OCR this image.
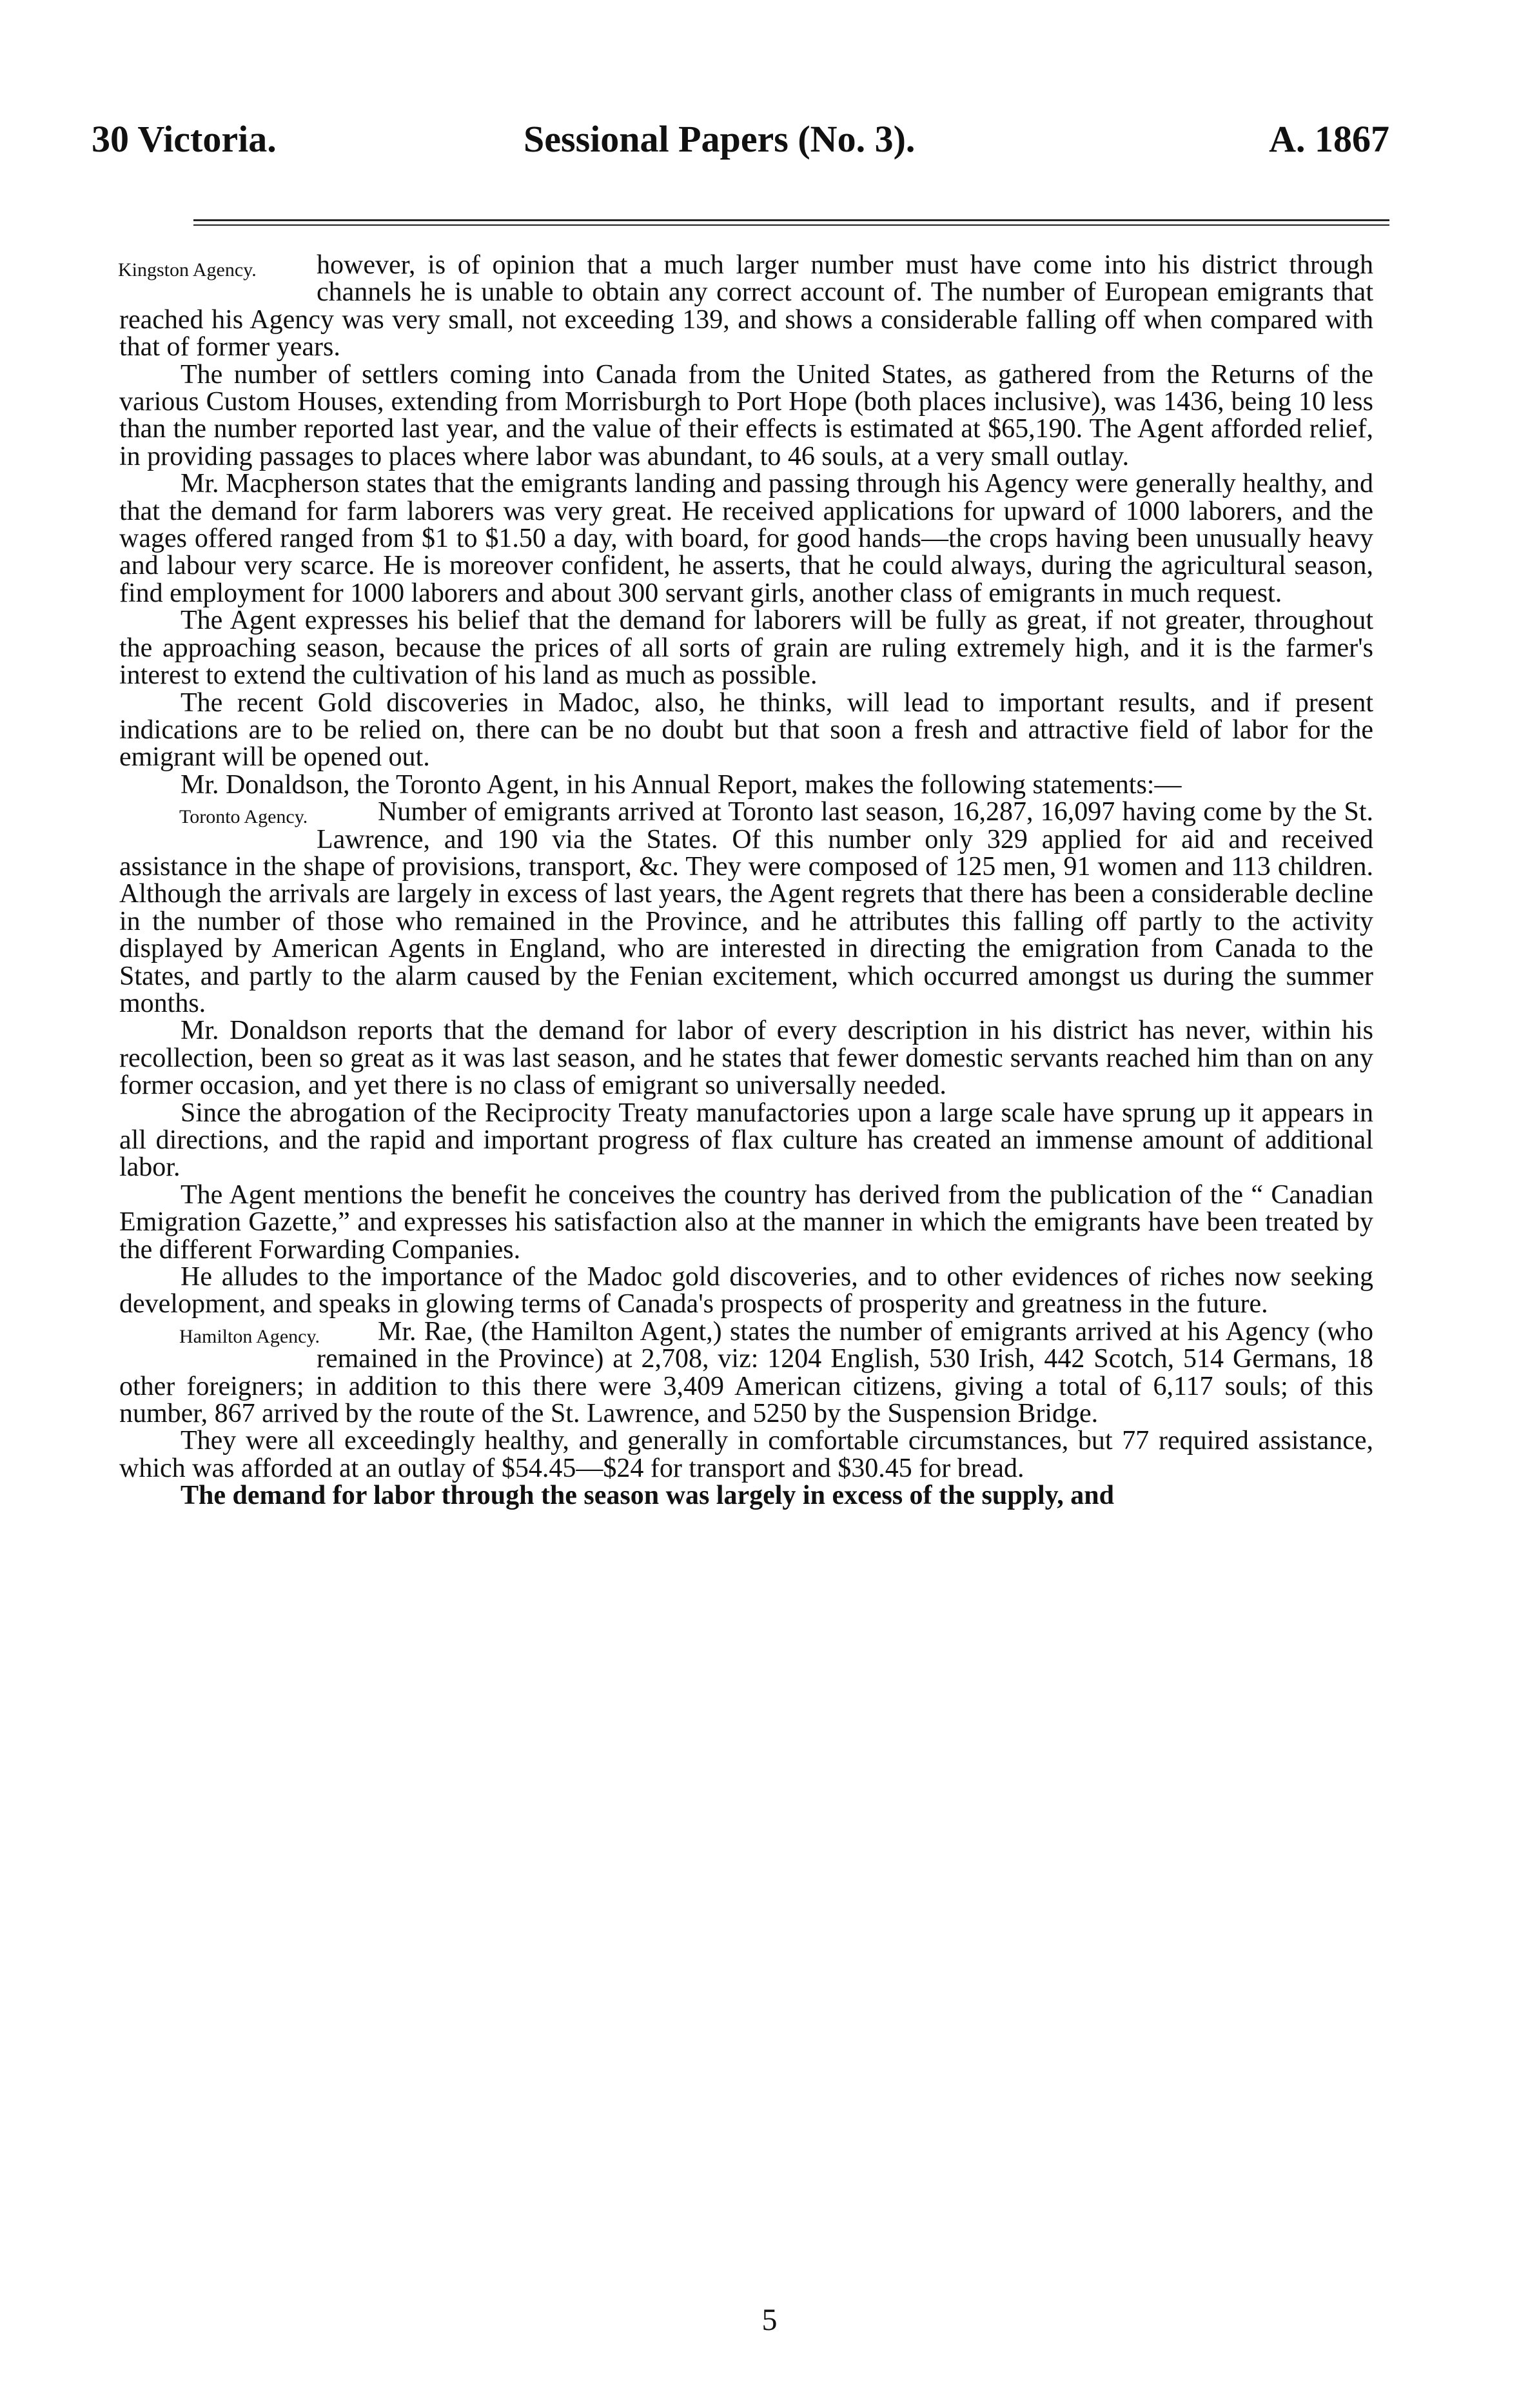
30 Victoria.	Sessional Papers (No. 3).	A. 1867

Kingston Agency.	however, is of opinion that a much larger number must have come into his district through channels he is unable to obtain any correct account of. The number of European emigrants that reached his Agency was very small, not exceeding 139, and shows a considerable falling off when compared with that of former years.

The number of settlers coming into Canada from the United States, as gathered from the Returns of the various Custom Houses, extending from Morrisburgh to Port Hope (both places inclusive), was 1436, being 10 less than the number reported last year, and the value of their effects is estimated at $65,190. The Agent afforded relief, in providing passages to places where labor was abundant, to 46 souls, at a very small outlay.

Mr. Macpherson states that the emigrants landing and passing through his Agency were generally healthy, and that the demand for farm laborers was very great. He received applications for upward of 1000 laborers, and the wages offered ranged from $1 to $1.50 a day, with board, for good hands—the crops having been unusually heavy and labour very scarce. He is moreover confident, he asserts, that he could always, during the agricultural season, find employment for 1000 laborers and about 300 servant girls, another class of emigrants in much request.

The Agent expresses his belief that the demand for laborers will be fully as great, if not greater, throughout the approaching season, because the prices of all sorts of grain are ruling extremely high, and it is the farmer's interest to extend the cultivation of his land as much as possible.

The recent Gold discoveries in Madoc, also, he thinks, will lead to important results, and if present indications are to be relied on, there can be no doubt but that soon a fresh and attractive field of labor for the emigrant will be opened out.

Mr. Donaldson, the Toronto Agent, in his Annual Report, makes the following statements:—

Toronto Agency.	Number of emigrants arrived at Toronto last season, 16,287, 16,097 having come by the St. Lawrence, and 190 via the States. Of this number only 329 applied for aid and received assistance in the shape of provisions, transport, &c. They were composed of 125 men, 91 women and 113 children. Although the arrivals are largely in excess of last years, the Agent regrets that there has been a considerable decline in the number of those who remained in the Province, and he attributes this falling off partly to the activity displayed by American Agents in England, who are interested in directing the emigration from Canada to the States, and partly to the alarm caused by the Fenian excitement, which occurred amongst us during the summer months.

Mr. Donaldson reports that the demand for labor of every description in his district has never, within his recollection, been so great as it was last season, and he states that fewer domestic servants reached him than on any former occasion, and yet there is no class of emigrant so universally needed.

Since the abrogation of the Reciprocity Treaty manufactories upon a large scale have sprung up it appears in all directions, and the rapid and important progress of flax culture has created an immense amount of additional labor.

The Agent mentions the benefit he conceives the country has derived from the publication of the “ Canadian Emigration Gazette,” and expresses his satisfaction also at the manner in which the emigrants have been treated by the different Forwarding Companies.

He alludes to the importance of the Madoc gold discoveries, and to other evidences of riches now seeking development, and speaks in glowing terms of Canada's prospects of prosperity and greatness in the future.

Hamilton Agency. Mr. Rae, (the Hamilton Agent,) states the number of emigrants arrived at his Agency (who remained in the Province) at 2,708, viz: 1204 English, 530 Irish, 442 Scotch, 514 Germans, 18 other foreigners; in addition to this there were 3,409 American citizens, giving a total of 6,117 souls; of this number, 867 arrived by the route of the St. Lawrence, and 5250 by the Suspension Bridge.

They were all exceedingly healthy, and generally in comfortable circumstances, but 77 required assistance, which was afforded at an outlay of $54.45—$24 for transport and $30.45 for bread.

The demand for labor through the season was largely in excess of the supply, and

5
